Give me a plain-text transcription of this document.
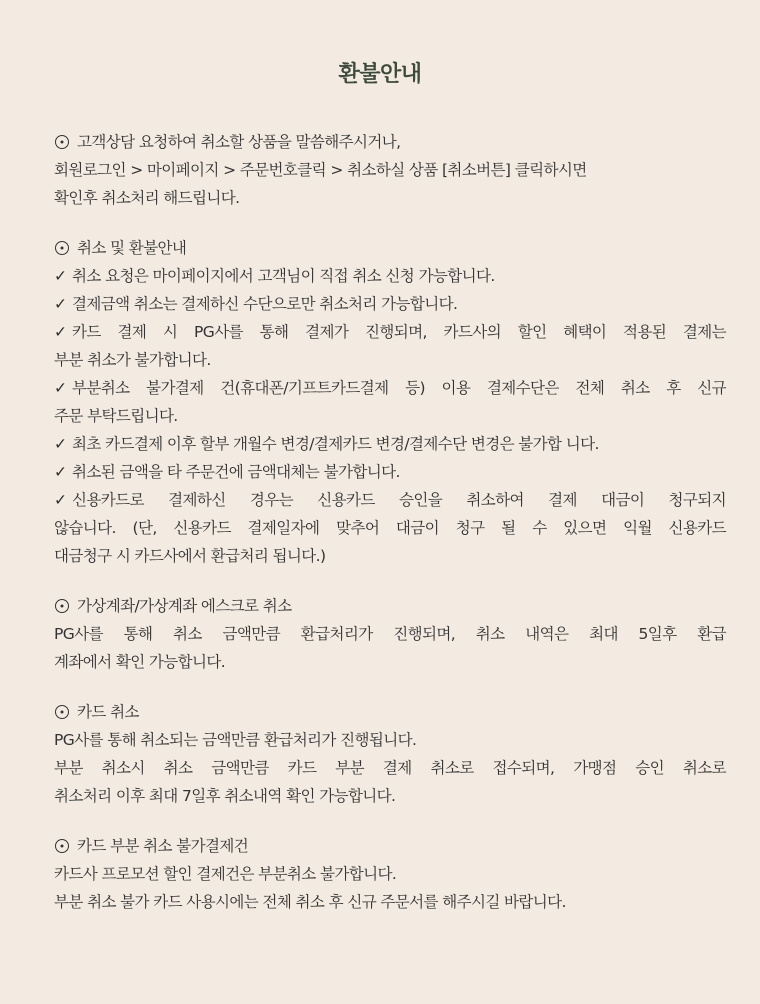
환불안내
고객상담 요청하여 취소할 상품을 말씀해주시거나,
회원로그인 > 마이페이지 > 주문번호클릭 > 취소하실 상품 [취소버튼] 클릭하시면
확인후 취소처리 해드립니다.
취소 및 환불안내
✓ 취소 요청은 마이페이지에서 고객님이 직접 취소 신청 가능합니다.
✓ 결제금액 취소는 결제하신 수단으로만 취소처리 가능합니다.
✓ 카드 결제 시 PG사를 통해 결제가 진행되며, 카드사의 할인 혜택이 적용된 결제는
부분 취소가 불가합니다.
✓ 부분취소 불가결제 건(휴대폰/기프트카드결제 등) 이용 결제수단은 전체 취소 후 신규
주문 부탁드립니다.
✓ 최초 카드결제 이후 할부 개월수 변경/결제카드 변경/결제수단 변경은 불가합 니다.
✓ 취소된 금액을 타 주문건에 금액대체는 불가합니다.
✓ 신용카드로 결제하신 경우는 신용카드 승인을 취소하여 결제 대금이 청구되지
않습니다. (단, 신용카드 결제일자에 맞추어 대금이 청구 될 수 있으면 익월 신용카드
대금청구 시 카드사에서 환급처리 됩니다.)
가상계좌/가상계좌 에스크로 취소
PG사를 통해 취소 금액만큼 환급처리가 진행되며, 취소 내역은 최대 5일후 환급
계좌에서 확인 가능합니다.
카드 취소
PG사를 통해 취소되는 금액만큼 환급처리가 진행됩니다.
부분 취소시 취소 금액만큼 카드 부분 결제 취소로 접수되며, 가맹점 승인 취소로
취소처리 이후 최대 7일후 취소내역 확인 가능합니다.
카드 부분 취소 불가결제건
카드사 프로모션 할인 결제건은 부분취소 불가합니다.
부분 취소 불가 카드 사용시에는 전체 취소 후 신규 주문서를 해주시길 바랍니다.
